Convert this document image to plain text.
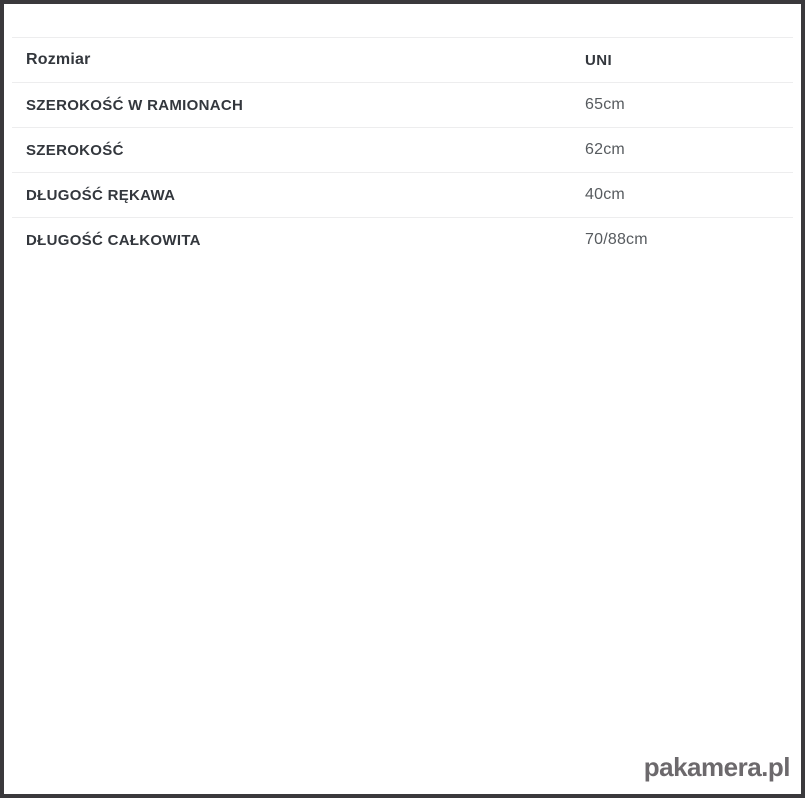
Rozmiar	UNI
SZEROKOŚĆ W RAMIONACH	65cm
SZEROKOŚĆ	62cm
DŁUGOŚĆ RĘKAWA	40cm
DŁUGOŚĆ CAŁKOWITA	70/88cm
pakamera.pl
